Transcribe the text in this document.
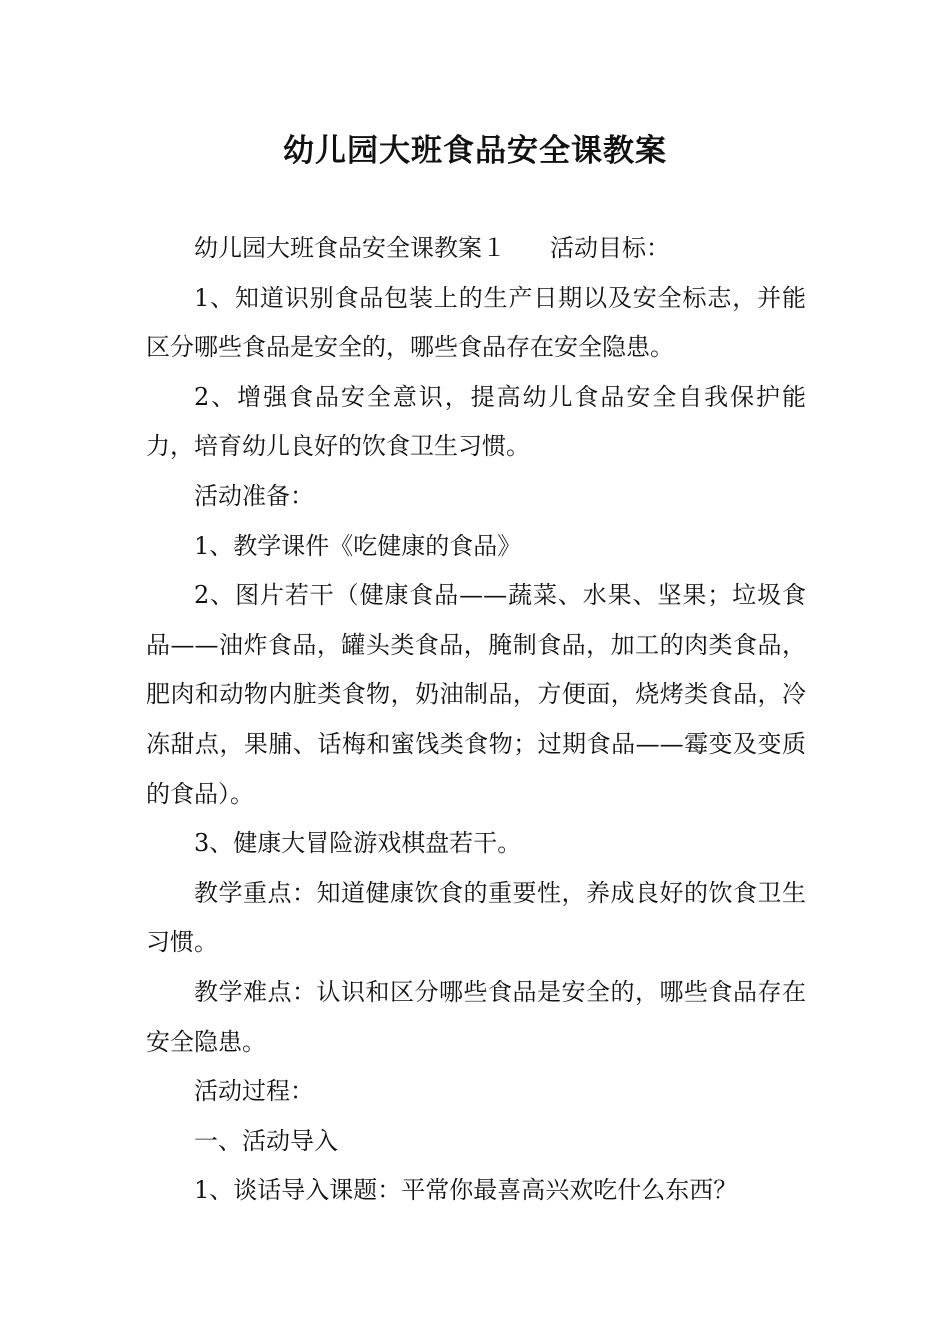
幼儿园大班食品安全课教案

幼儿园大班食品安全课教案１ 活动目标：

1、知道识别食品包装上的生产日期以及安全标志，并能区分哪些食品是安全的，哪些食品存在安全隐患。

2、增强食品安全意识，提高幼儿食品安全自我保护能力，培育幼儿良好的饮食卫生习惯。

活动准备：

1、教学课件《吃健康的食品》

2、图片若干（健康食品——蔬菜、水果、坚果；垃圾食品——油炸食品，罐头类食品，腌制食品，加工的肉类食品，肥肉和动物内脏类食物，奶油制品，方便面，烧烤类食品，冷冻甜点，果脯、话梅和蜜饯类食物；过期食品——霉变及变质的食品）。

3、健康大冒险游戏棋盘若干。

教学重点：知道健康饮食的重要性，养成良好的饮食卫生习惯。

教学难点：认识和区分哪些食品是安全的，哪些食品存在安全隐患。

活动过程：

一、活动导入

1、谈话导入课题：平常你最喜高兴欢吃什么东西？
